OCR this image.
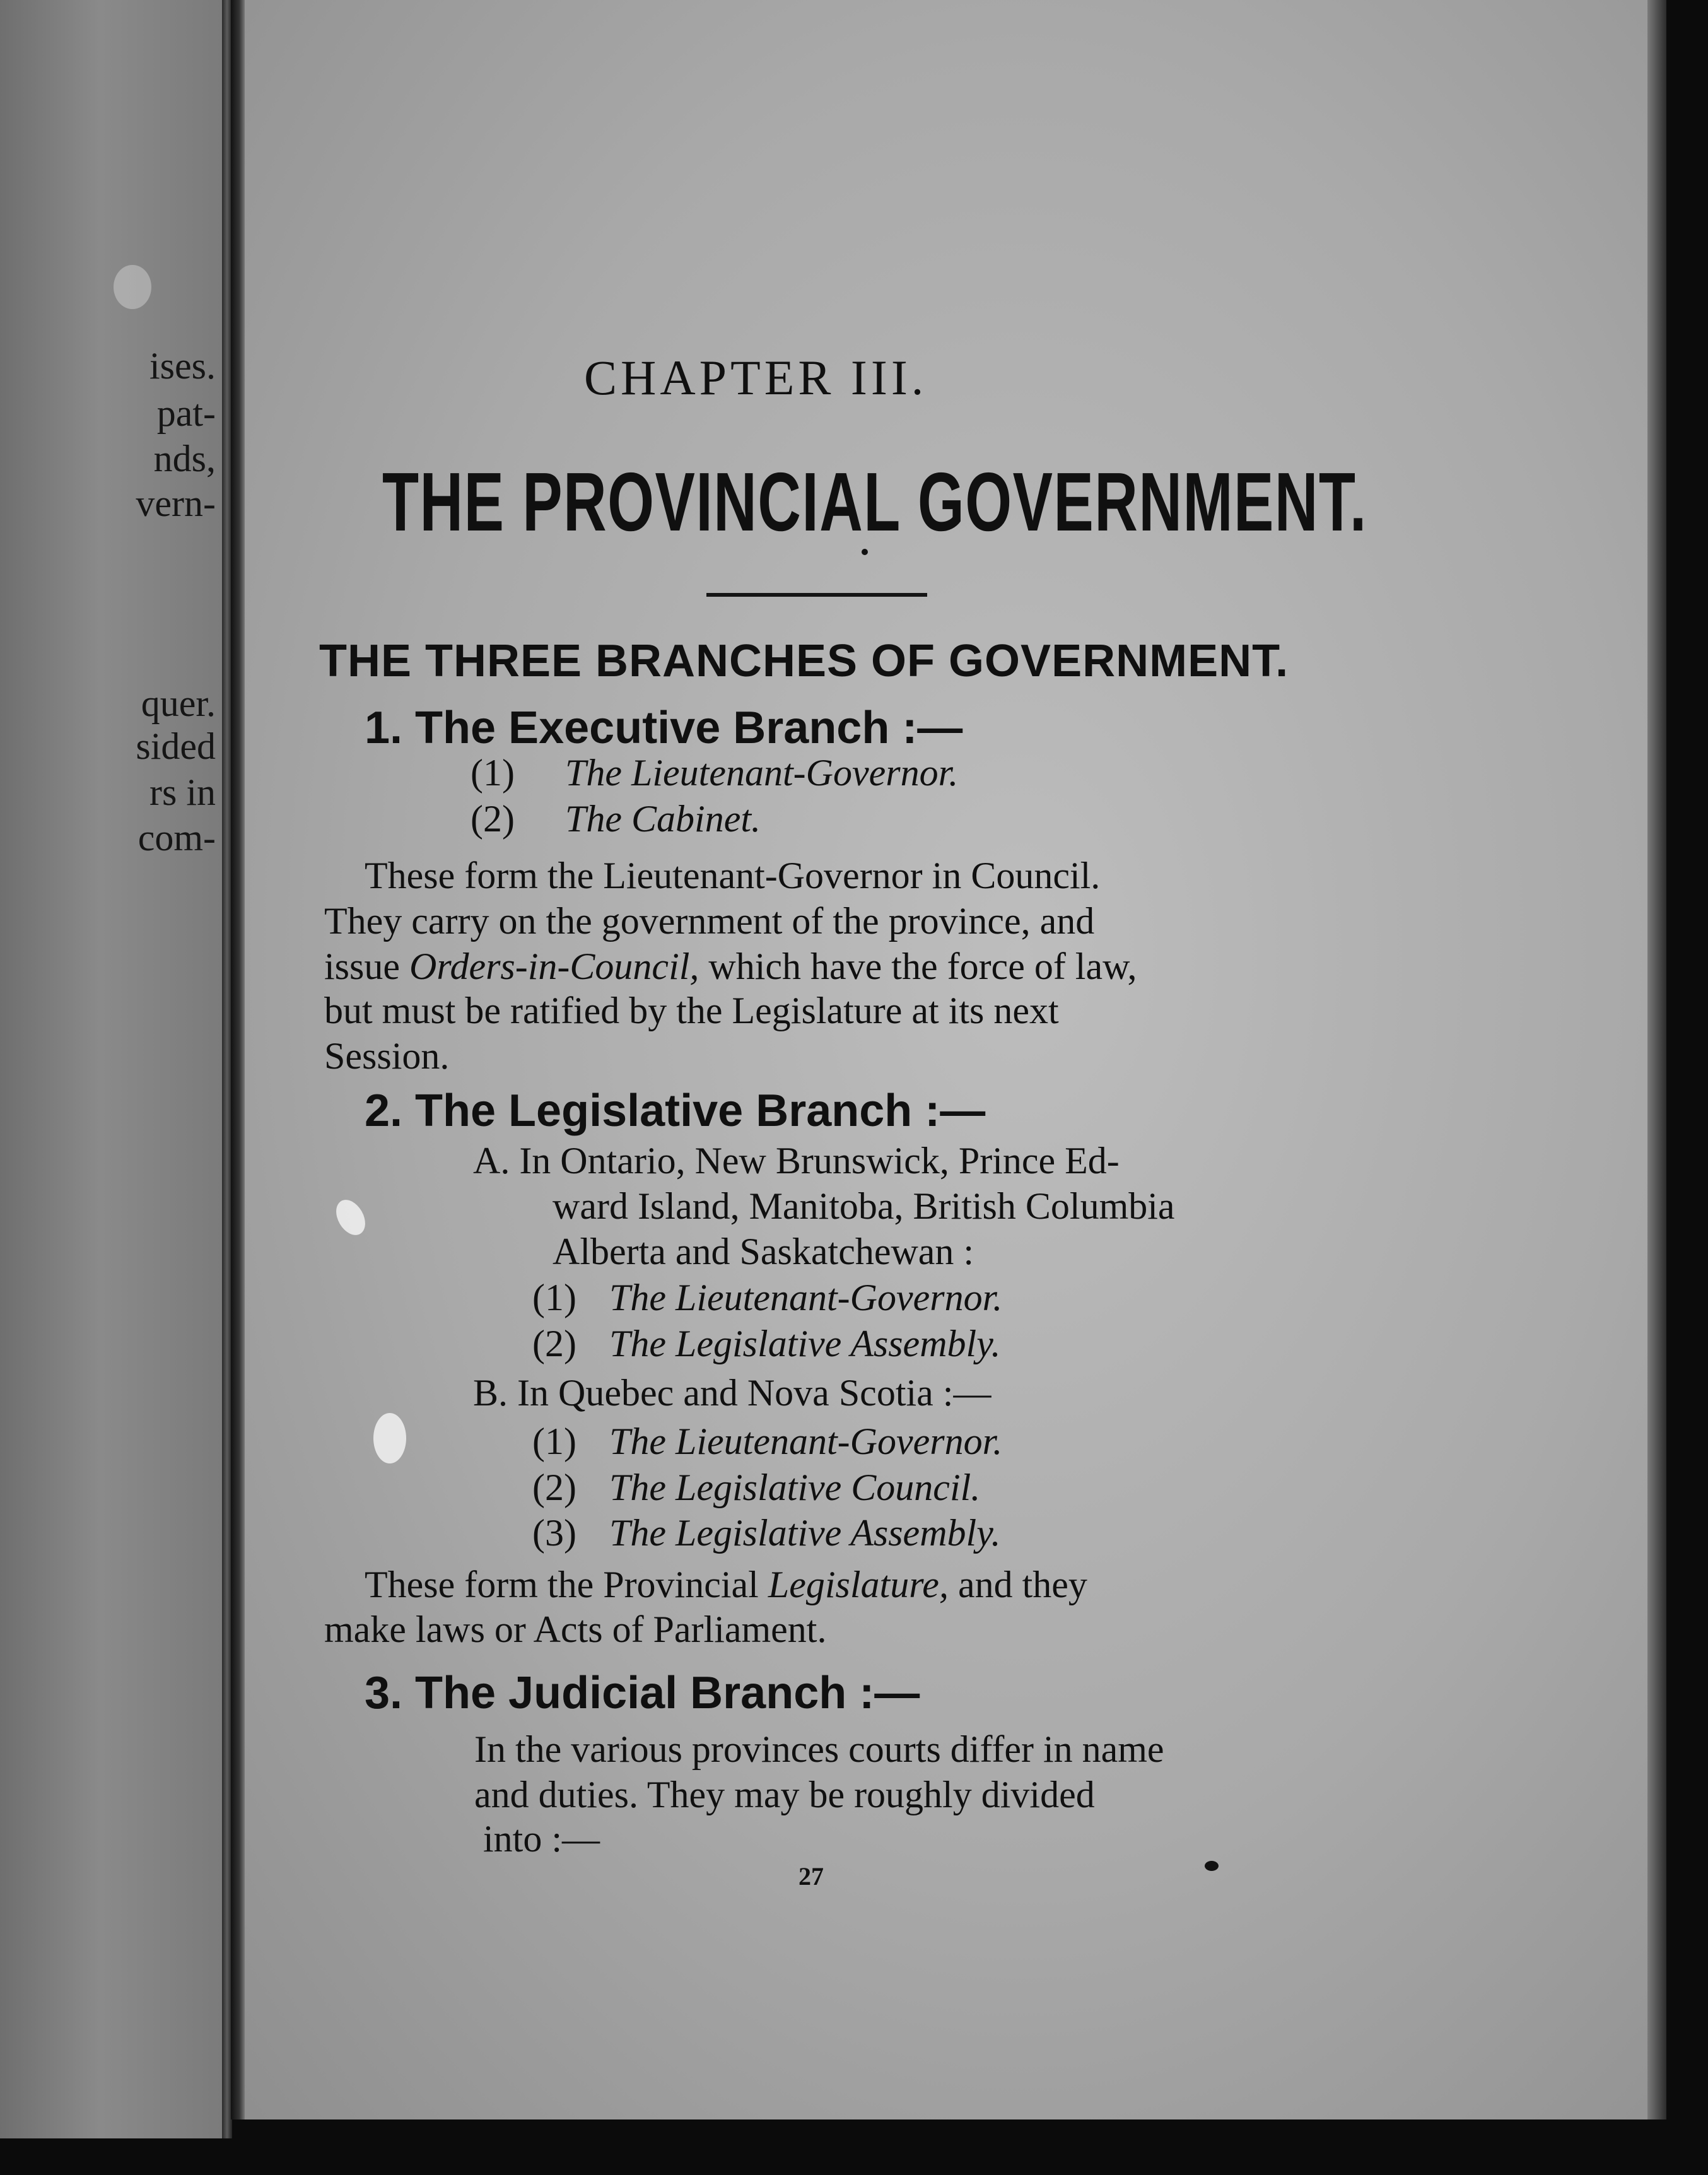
ises.
pat-
nds,
vern-
quer.
sided
rs in
com-
CHAPTER III.
THE PROVINCIAL GOVERNMENT.
THE THREE BRANCHES OF GOVERNMENT.
1. The Executive Branch :—
(1) The Lieutenant-Governor.
(2) The Cabinet.
These form the Lieutenant-Governor in Council.
They carry on the government of the province, and
issue Orders-in-Council, which have the force of law,
but must be ratified by the Legislature at its next
Session.
2. The Legislative Branch :—
A. In Ontario, New Brunswick, Prince Ed-
ward Island, Manitoba, British Columbia
Alberta and Saskatchewan :
(1) The Lieutenant-Governor.
(2) The Legislative Assembly.
B. In Quebec and Nova Scotia :—
(1) The Lieutenant-Governor.
(2) The Legislative Council.
(3) The Legislative Assembly.
These form the Provincial Legislature, and they
make laws or Acts of Parliament.
3. The Judicial Branch :—
In the various provinces courts differ in name
and duties. They may be roughly divided
into :—
27
